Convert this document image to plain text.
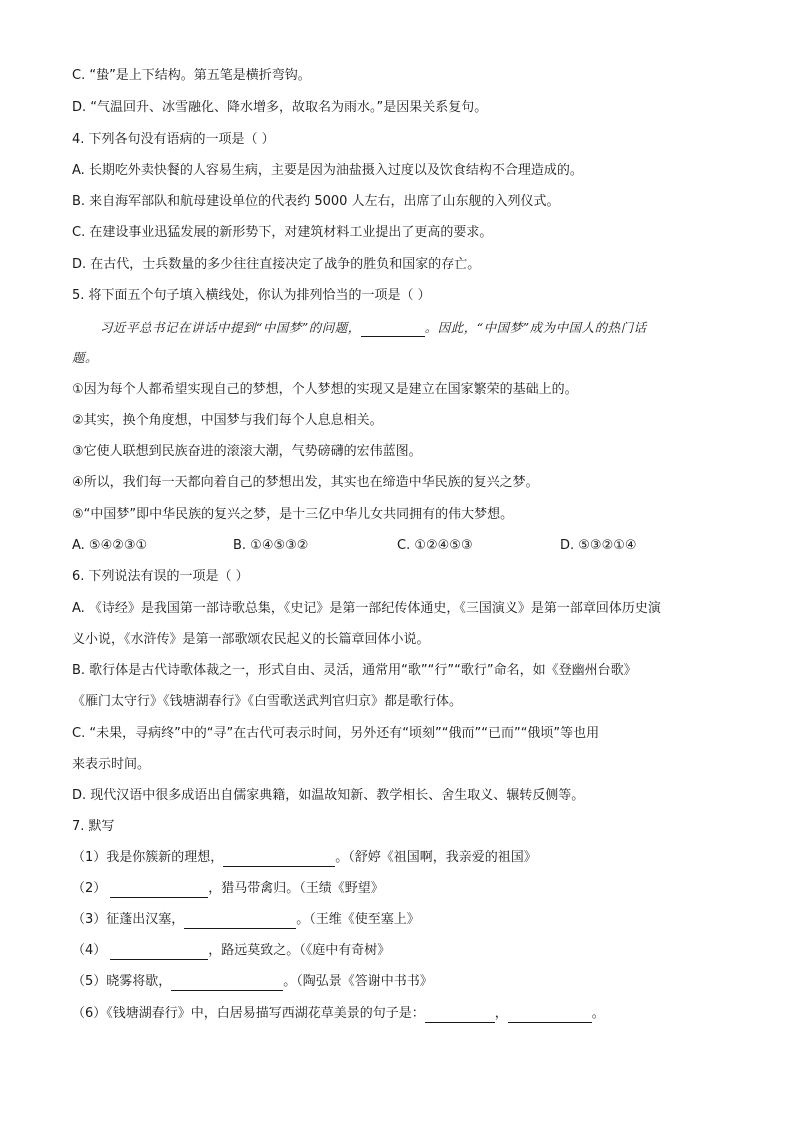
C. “蛰”是上下结构。第五笔是横折弯钩。
D. “气温回升、冰雪融化、降水增多，故取名为雨水。”是因果关系复句。
4. 下列各句没有语病的一项是（ ）
A. 长期吃外卖快餐的人容易生病，主要是因为油盐摄入过度以及饮食结构不合理造成的。
B. 来自海军部队和航母建设单位的代表约 5000 人左右，出席了山东舰的入列仪式。
C. 在建设事业迅猛发展的新形势下，对建筑材料工业提出了更高的要求。
D. 在古代，士兵数量的多少往往直接决定了战争的胜负和国家的存亡。
5. 将下面五个句子填入横线处，你认为排列恰当的一项是（ ）
习近平总书记在讲话中提到“中国梦”的问题，	。因此，“中国梦”成为中国人的热门话
题。
①因为每个人都希望实现自己的梦想，个人梦想的实现又是建立在国家繁荣的基础上的。
②其实，换个角度想，中国梦与我们每个人息息相关。
③它使人联想到民族奋进的滚滚大潮，气势磅礴的宏伟蓝图。
④所以，我们每一天都向着自己的梦想出发，其实也在缔造中华民族的复兴之梦。
⑤“中国梦”即中华民族的复兴之梦，是十三亿中华儿女共同拥有的伟大梦想。
A. ⑤④②③①	B. ①④⑤③②	C. ①②④⑤③	D. ⑤③②①④
6. 下列说法有误的一项是（ ）
A. 《诗经》是我国第一部诗歌总集，《史记》是第一部纪传体通史，《三国演义》是第一部章回体历史演
义小说，《水浒传》是第一部歌颂农民起义的长篇章回体小说。
B. 歌行体是古代诗歌体裁之一，形式自由、灵活，通常用“歌”“行”“歌行”命名，如《登幽州台歌》
《雁门太守行》《钱塘湖春行》《白雪歌送武判官归京》都是歌行体。
C. “未果，寻病终”中的“寻”在古代可表示时间，另外还有“顷刻”“俄而”“已而”“俄顷”等也用
来表示时间。
D. 现代汉语中很多成语出自儒家典籍，如温故知新、教学相长、舍生取义、辗转反侧等。
7. 默写
（1）我是你簇新的理想，	。（舒婷《祖国啊，我亲爱的祖国》
（2）	，猎马带禽归。（王绩《野望》
（3）征蓬出汉塞，	。（王维《使至塞上》
（4）	，路远莫致之。（《庭中有奇树》
（5）晓雾将歇，	。（陶弘景《答谢中书书》
（6）《钱塘湖春行》中，白居易描写西湖花草美景的句子是：	，	。
